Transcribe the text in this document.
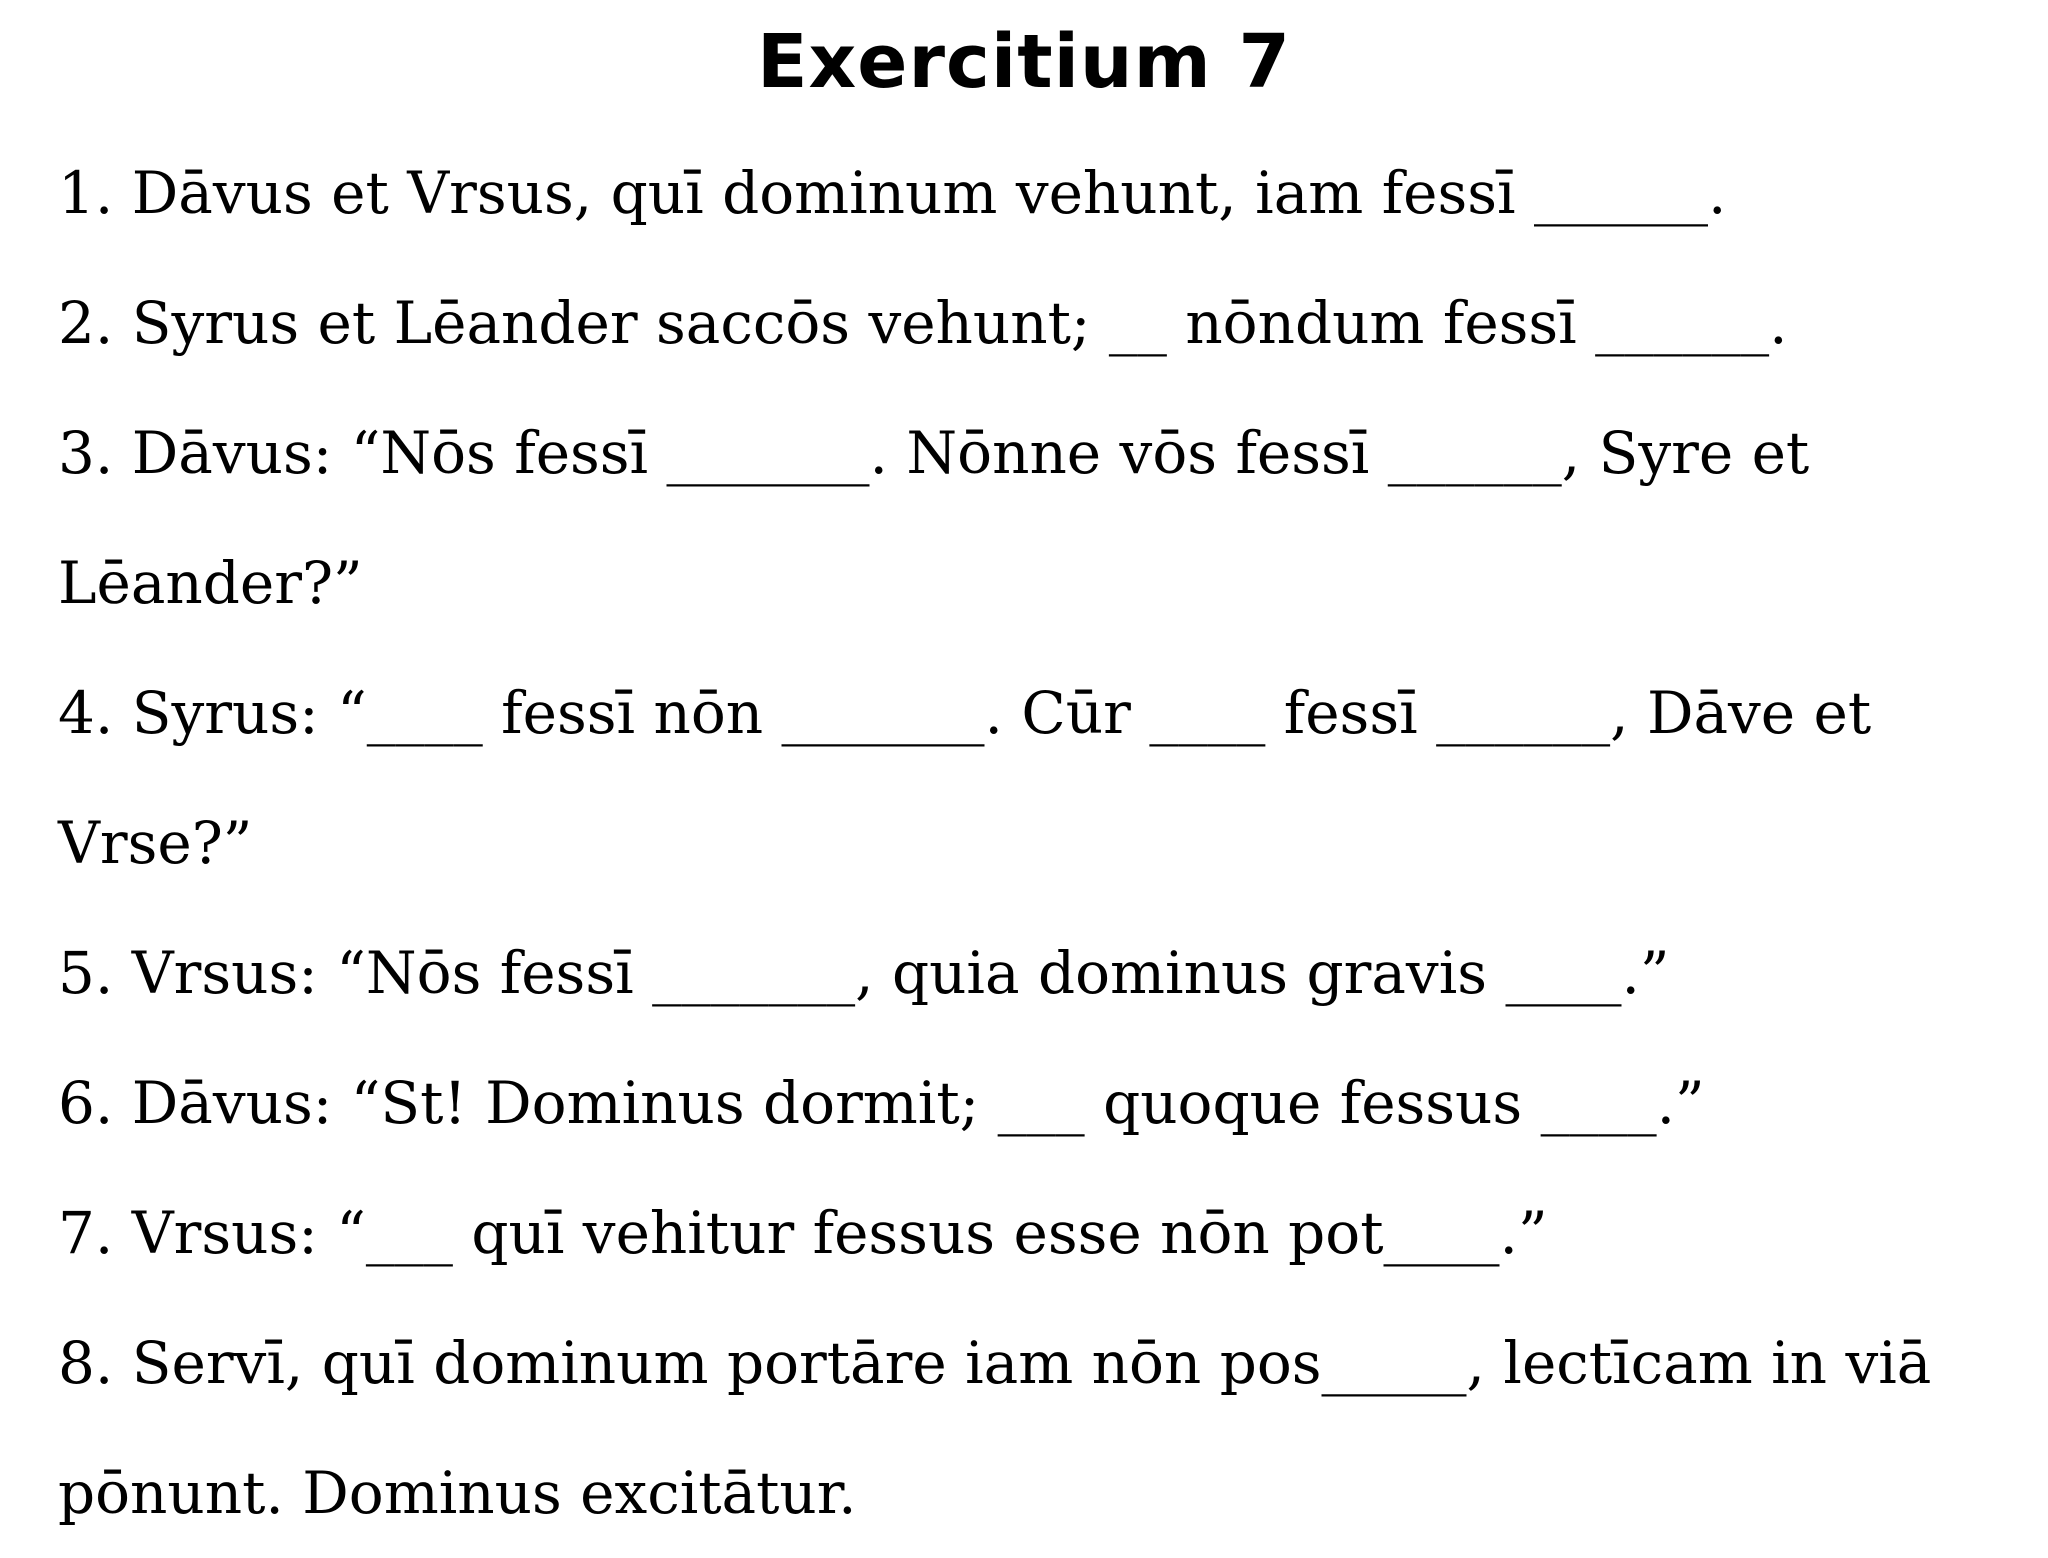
Exercitium 7
1. Dāvus et Vrsus, quī dominum vehunt, iam fessī ______.
2. Syrus et Lēander saccōs vehunt; __ nōndum fessī ______.
3. Dāvus: “Nōs fessī _______. Nōnne vōs fessī ______, Syre et
Lēander?”
4. Syrus: “____ fessī nōn _______. Cūr ____ fessī ______, Dāve et
Vrse?”
5. Vrsus: “Nōs fessī _______, quia dominus gravis ____.”
6. Dāvus: “St! Dominus dormit; ___ quoque fessus ____.”
7. Vrsus: “___ quī vehitur fessus esse nōn pot____.”
8. Servī, quī dominum portāre iam nōn pos_____, lectīcam in viā
pōnunt. Dominus excitātur.
